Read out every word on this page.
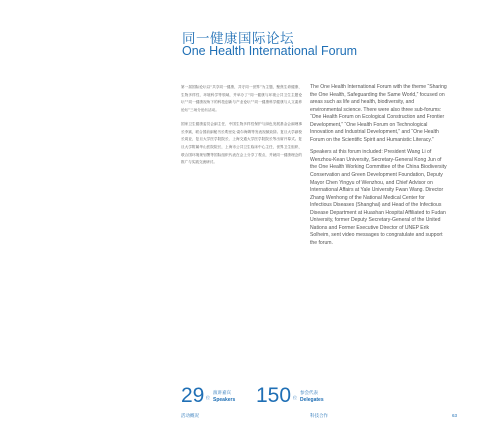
同一健康国际论坛
One Health International Forum

第一届国际论坛以“共享同一健康，共守同一世界”为主题，聚焦生命健康、生物多样性、环境科学等领域，并举办了“同一健康与环境公共卫生主题论坛”“同一健康视角下的科技创新与产业论坛”“同一健康科学健康与人文素养论坛”三场分论坛活动。

国家卫生健康委员会副主任、中国生物多样性保护与绿色发展基金会副理事长李斌，联合国前副秘书长埃里克·索尔海姆等发表视频致辞。复旦大学副校长周亚，复旦大学医学院院长、上海交通大学医学院院长等出席开幕式。复旦大学附属华山医院院长，上海市公共卫生临床中心主任，世界卫生组织、联合国环境规划署等国际组织代表在会上分享了观点，并就同一健康理念的推广与实践交流研讨。

The One Health International Forum with the theme “Sharing the One Health, Safeguarding the Same World,” focused on areas such as life and health, biodiversity, and environmental science. There were also three sub-forums: “One Health Forum on Ecological Construction and Frontier Development,” “One Health Forum on Technological Innovation and Industrial Development,” and “One Health Forum on the Scientific Spirit and Humanistic Literacy.”

Speakers at this forum included: President Wang Li of Wenzhou-Kean University, Secretary-General Kong Jun of the One Health Working Committee of the China Biodiversity Conservation and Green Development Foundation, Deputy Mayor Chen Yingyu of Wenzhou, and Chief Advisor on International Affairs at Yale University Fwan Wang. Director Zhang Wenhong of the National Medical Center for Infectious Diseases (Shanghai) and Head of the Infectious Disease Department at Huashan Hospital Affiliated to Fudan University, former Deputy Secretary-General of the United Nations and Former Executive Director of UNEP Erik Solheim, sent video messages to congratulate and support the forum.

29 位
演讲嘉宾
Speakers 150 位
参会代表
Delegates
活动概况	科技合作	63
